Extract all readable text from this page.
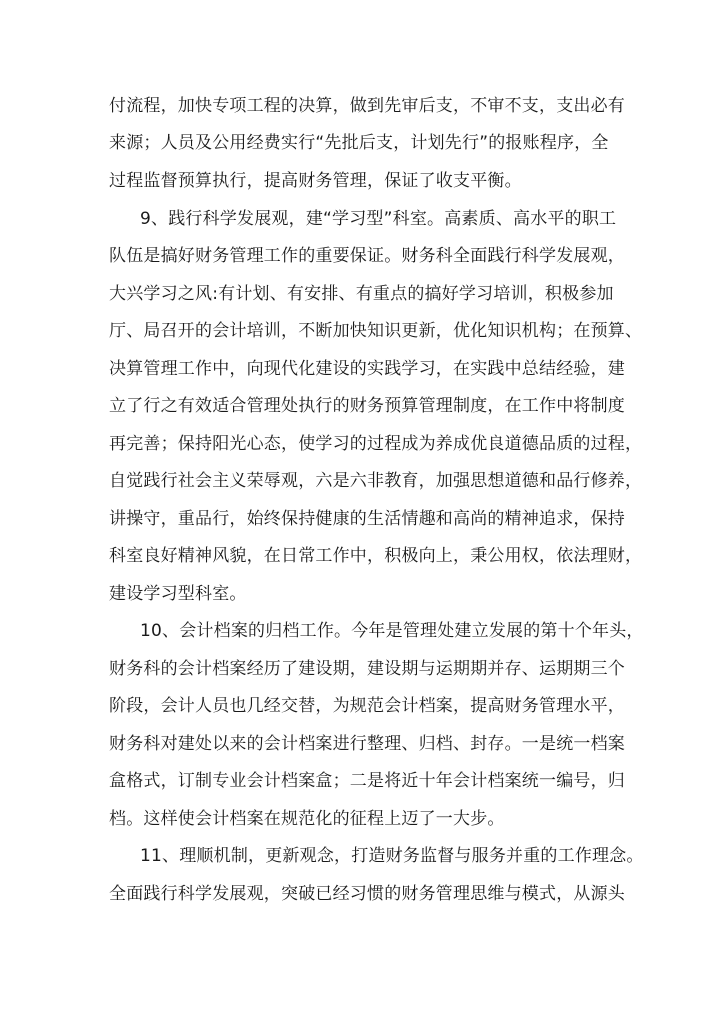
付流程，加快专项工程的决算，做到先审后支，不审不支，支出必有
来源；人员及公用经费实行“先批后支，计划先行”的报账程序，全
过程监督预算执行，提高财务管理，保证了收支平衡。
9、践行科学发展观，建“学习型”科室。高素质、高水平的职工
队伍是搞好财务管理工作的重要保证。财务科全面践行科学发展观，
大兴学习之风:有计划、有安排、有重点的搞好学习培训，积极参加
厅、局召开的会计培训，不断加快知识更新，优化知识机构；在预算、
决算管理工作中，向现代化建设的实践学习，在实践中总结经验，建
立了行之有效适合管理处执行的财务预算管理制度，在工作中将制度
再完善；保持阳光心态，使学习的过程成为养成优良道德品质的过程，
自觉践行社会主义荣辱观，六是六非教育，加强思想道德和品行修养，
讲操守，重品行，始终保持健康的生活情趣和高尚的精神追求，保持
科室良好精神风貌，在日常工作中，积极向上，秉公用权，依法理财，
建设学习型科室。
10、会计档案的归档工作。今年是管理处建立发展的第十个年头，
财务科的会计档案经历了建设期，建设期与运期期并存、运期期三个
阶段，会计人员也几经交替，为规范会计档案，提高财务管理水平，
财务科对建处以来的会计档案进行整理、归档、封存。一是统一档案
盒格式，订制专业会计档案盒；二是将近十年会计档案统一编号，归
档。这样使会计档案在规范化的征程上迈了一大步。
11、理顺机制，更新观念，打造财务监督与服务并重的工作理念。
全面践行科学发展观，突破已经习惯的财务管理思维与模式，从源头
